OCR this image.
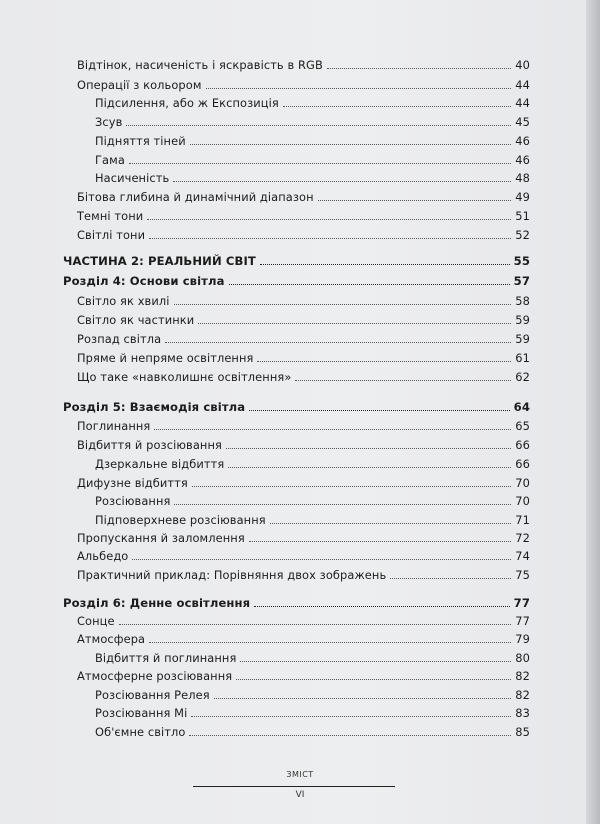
Відтінок, насиченість і яскравість в RGB	40
Операції з кольором	44
Підсилення, або ж Експозиція	44
Зсув	45
Підняття тіней	46
Гама	46
Насиченість	48
Бітова глибина й динамічний діапазон	49
Темні тони	51
Світлі тони	52
ЧАСТИНА 2: РЕАЛЬНИЙ СВІТ	55
Розділ 4: Основи світла	57
Світло як хвилі	58
Світло як частинки	59
Розпад світла	59
Пряме й непряме освітлення	61
Що таке «навколишнє освітлення»	62
Розділ 5: Взаємодія світла	64
Поглинання	65
Відбиття й розсіювання	66
Дзеркальне відбиття	66
Дифузне відбиття	70
Розсіювання	70
Підповерхневе розсіювання	71
Пропускання й заломлення	72
Альбедо	74
Практичний приклад: Порівняння двох зображень	75
Розділ 6: Денне освітлення	77
Сонце	77
Атмосфера	79
Відбиття й поглинання	80
Атмосферне розсіювання	82
Розсіювання Релея	82
Розсіювання Мі	83
Об'ємне світло	85
ЗМІСТ
VI
